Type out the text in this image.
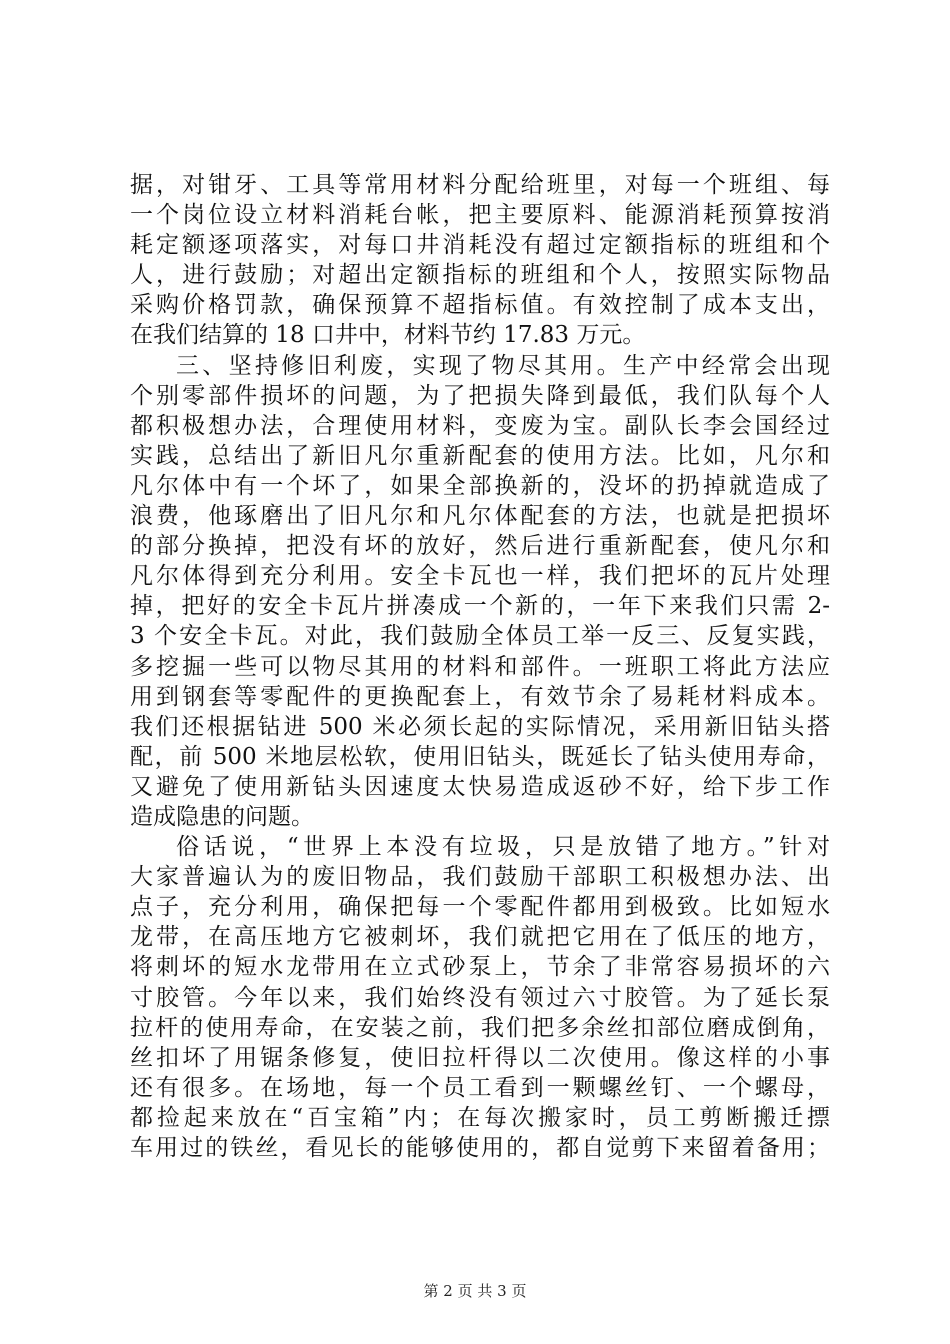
据，对钳牙、工具等常用材料分配给班里，对每一个班组、每
一个岗位设立材料消耗台帐，把主要原料、能源消耗预算按消
耗定额逐项落实，对每口井消耗没有超过定额指标的班组和个
人，进行鼓励；对超出定额指标的班组和个人，按照实际物品
采购价格罚款，确保预算不超指标值。有效控制了成本支出，
在我们结算的 18 口井中，材料节约 17.83 万元。
三、坚持修旧利废，实现了物尽其用。生产中经常会出现
个别零部件损坏的问题，为了把损失降到最低，我们队每个人
都积极想办法，合理使用材料，变废为宝。副队长李会国经过
实践，总结出了新旧凡尔重新配套的使用方法。比如，凡尔和
凡尔体中有一个坏了，如果全部换新的，没坏的扔掉就造成了
浪费，他琢磨出了旧凡尔和凡尔体配套的方法，也就是把损坏
的部分换掉，把没有坏的放好，然后进行重新配套，使凡尔和
凡尔体得到充分利用。安全卡瓦也一样，我们把坏的瓦片处理
掉，把好的安全卡瓦片拼凑成一个新的，一年下来我们只需 2-
3 个安全卡瓦。对此，我们鼓励全体员工举一反三、反复实践，
多挖掘一些可以物尽其用的材料和部件。一班职工将此方法应
用到钢套等零配件的更换配套上，有效节余了易耗材料成本。
我们还根据钻进 500 米必须长起的实际情况，采用新旧钻头搭
配，前 500 米地层松软，使用旧钻头，既延长了钻头使用寿命，
又避免了使用新钻头因速度太快易造成返砂不好，给下步工作
造成隐患的问题。
俗话说，“世界上本没有垃圾，只是放错了地方。”针对
大家普遍认为的废旧物品，我们鼓励干部职工积极想办法、出
点子，充分利用，确保把每一个零配件都用到极致。比如短水
龙带，在高压地方它被刺坏，我们就把它用在了低压的地方，
将刺坏的短水龙带用在立式砂泵上，节余了非常容易损坏的六
寸胶管。今年以来，我们始终没有领过六寸胶管。为了延长泵
拉杆的使用寿命，在安装之前，我们把多余丝扣部位磨成倒角，
丝扣坏了用锯条修复，使旧拉杆得以二次使用。像这样的小事
还有很多。在场地，每一个员工看到一颗螺丝钉、一个螺母，
都捡起来放在“百宝箱”内；在每次搬家时，员工剪断搬迁摽
车用过的铁丝，看见长的能够使用的，都自觉剪下来留着备用；
第 2 页 共 3 页
